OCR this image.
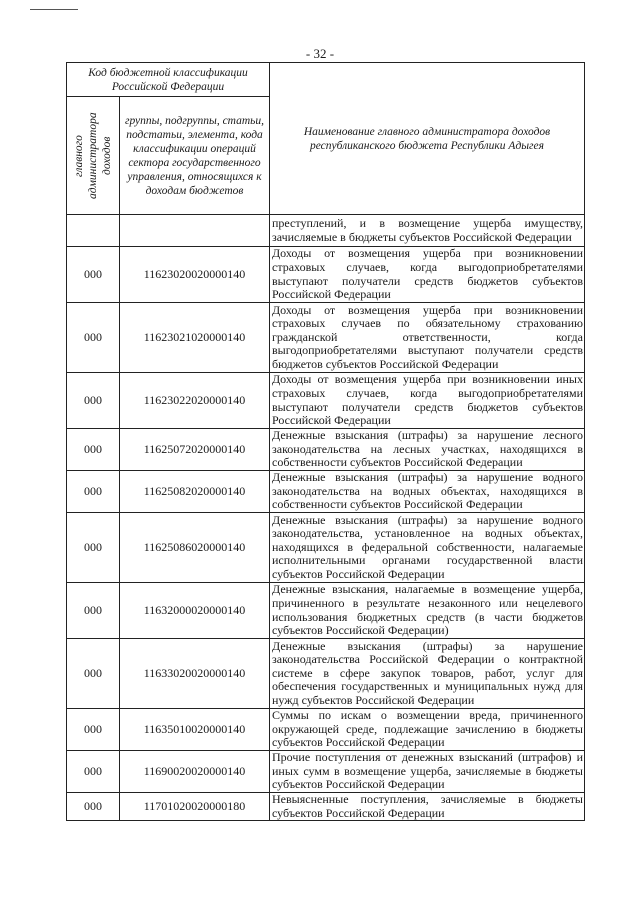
- 32 -
Код бюджетной классификации Российской Федерации		Наименование главного администратора доходов республиканского бюджета Республики Адыгея

главного администратора доходов	группы, подгруппы, статьи, подстатьи, элемента, кода классификации операций сектора государственного управления, относящихся к доходам бюджетов	
		преступлений, и в возмещение ущерба имуществу, зачисляемые в бюджеты субъектов Российской Федерации
000	11623020020000140	Доходы от возмещения ущерба при возникновении страховых случаев, когда выгодоприобретателями выступают получатели средств бюджетов субъектов Российской Федерации
000	11623021020000140	Доходы от возмещения ущерба при возникновении страховых случаев по обязательному страхованию гражданской ответственности, когда выгодоприобретателями выступают получатели средств бюджетов субъектов Российской Федерации
000	11623022020000140	Доходы от возмещения ущерба при возникновении иных страховых случаев, когда выгодоприобретателями выступают получатели средств бюджетов субъектов Российской Федерации
000	11625072020000140	Денежные взыскания (штрафы) за нарушение лесного законодательства на лесных участках, находящихся в собственности субъектов Российской Федерации
000	11625082020000140	Денежные взыскания (штрафы) за нарушение водного законодательства на водных объектах, находящихся в собственности субъектов Российской Федерации
000	11625086020000140	Денежные взыскания (штрафы) за нарушение водного законодательства, установленное на водных объектах, находящихся в федеральной собственности, налагаемые исполнительными органами государственной власти субъектов Российской Федерации
000	11632000020000140	Денежные взыскания, налагаемые в возмещение ущерба, причиненного в результате незаконного или нецелевого использования бюджетных средств (в части бюджетов субъектов Российской Федерации)
000	11633020020000140	Денежные взыскания (штрафы) за нарушение законодательства Российской Федерации о контрактной системе в сфере закупок товаров, работ, услуг для обеспечения государственных и муниципальных нужд для нужд субъектов Российской Федерации
000	11635010020000140	Суммы по искам о возмещении вреда, причиненного окружающей среде, подлежащие зачислению в бюджеты субъектов Российской Федерации
000	11690020020000140	Прочие поступления от денежных взысканий (штрафов) и иных сумм в возмещение ущерба, зачисляемые в бюджеты субъектов Российской Федерации
000	11701020020000180	Невыясненные поступления, зачисляемые в бюджеты субъектов Российской Федерации
